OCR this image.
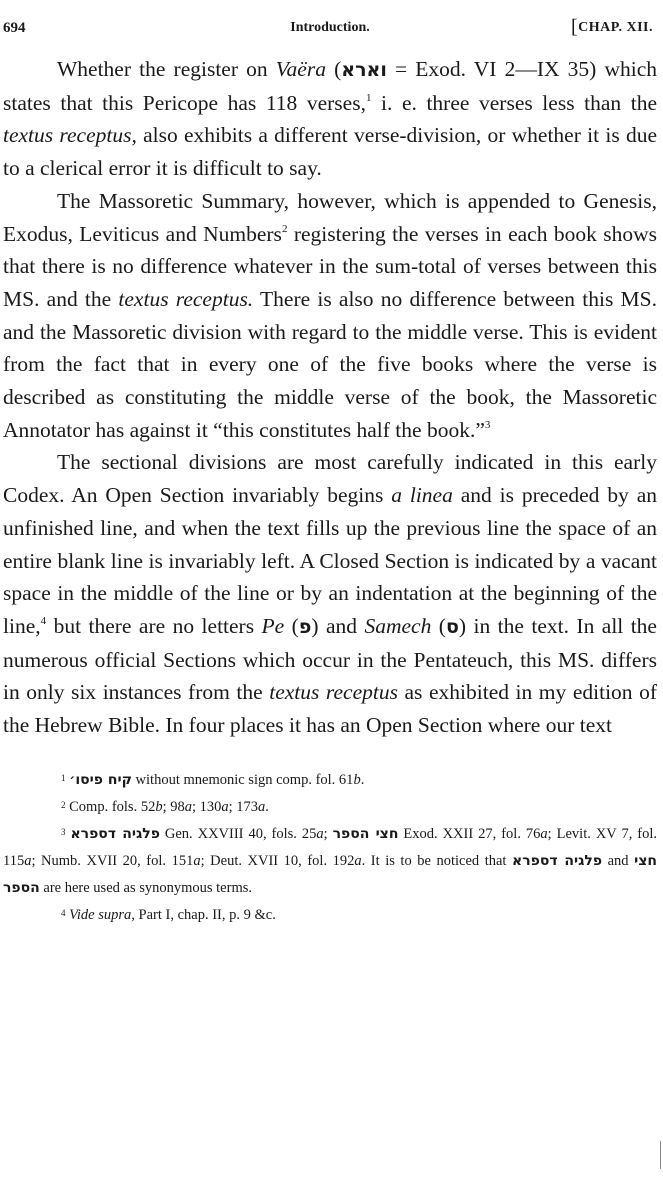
694	Introduction.	[CHAP. XII.

Whether the register on Vaëra (וארא = Exod. VI 2—IX 35) which states that this Pericope has 118 verses,$^1$ i. e. three verses less than the textus receptus, also exhibits a different verse-division, or whether it is due to a clerical error it is difficult to say.

The Massoretic Summary, however, which is appended to Genesis, Exodus, Leviticus and Numbers$^2$ registering the verses in each book shows that there is no difference whatever in the sum-total of verses between this MS. and the textus receptus. There is also no difference between this MS. and the Massoretic division with regard to the middle verse. This is evident from the fact that in every one of the five books where the verse is described as constituting the middle verse of the book, the Massoretic Annotator has against it “this constitutes half the book.”$^3$

The sectional divisions are most carefully indicated in this early Codex. An Open Section invariably begins a linea and is preceded by an unfinished line, and when the text fills up the previous line the space of an entire blank line is invariably left. A Closed Section is indicated by a vacant space in the middle of the line or by an indentation at the beginning of the line,$^4$ but there are no letters Pe (פ) and Samech (ס) in the text. In all the numerous official Sections which occur in the Pentateuch, this MS. differs in only six instances from the textus receptus as exhibited in my edition of the Hebrew Bible. In four places it has an Open Section where our text

$^1$ קיח פיסו׳ without mnemonic sign comp. fol. 61b.

$^2$ Comp. fols. 52b; 98a; 130a; 173a.

$^3$ פלגיה דספרא Gen. XXVIII 40, fols. 25a; חצי הספר Exod. XXII 27, fol. 76a; Levit. XV 7, fol. 115a; Numb. XVII 20, fol. 151a; Deut. XVII 10, fol. 192a. It is to be noticed that פלגיה דספרא and חצי הספר are here used as synonymous terms.

$^4$ Vide supra, Part I, chap. II, p. 9 &c.
